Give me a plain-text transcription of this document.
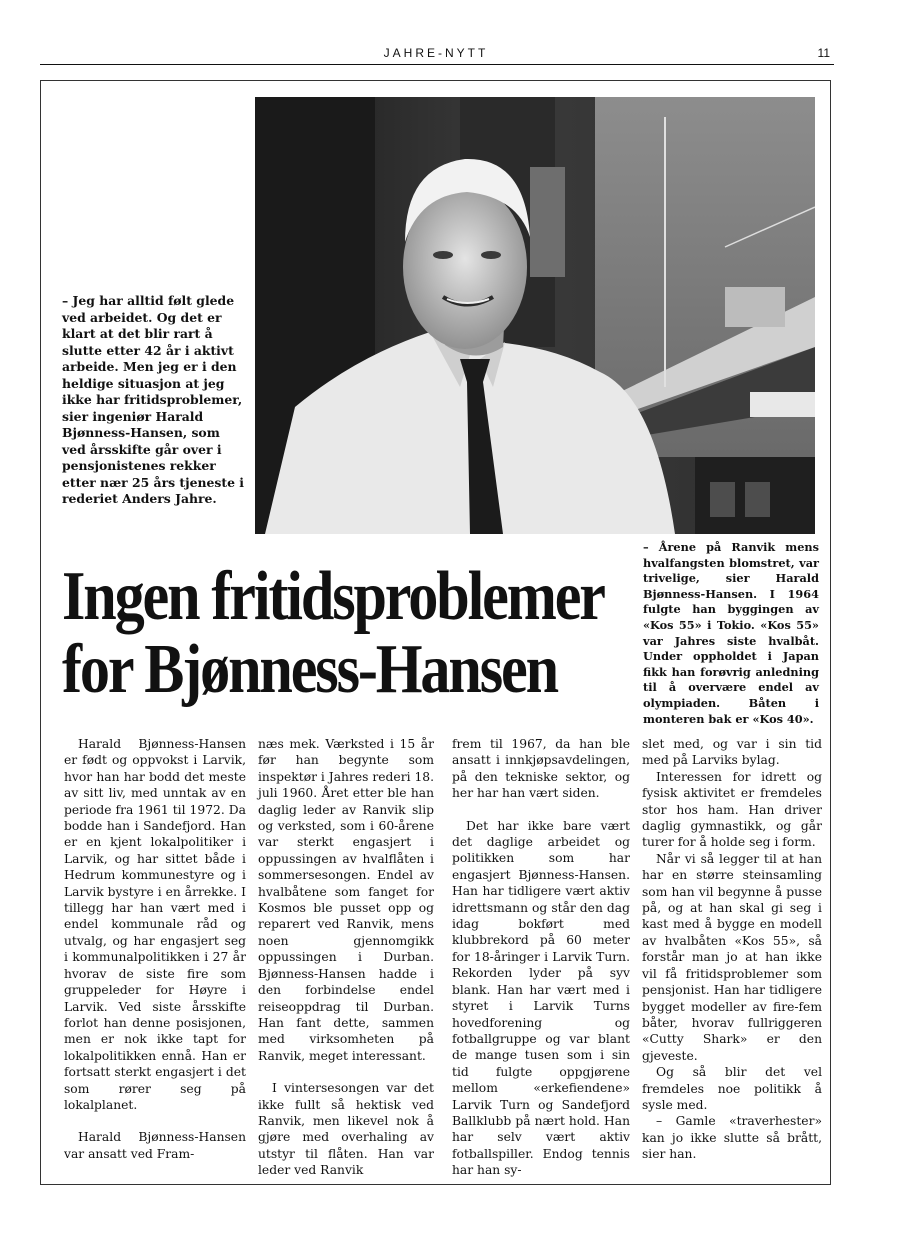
JAHRE-NYTT	11
– Jeg har alltid følt glede ved arbeidet. Og det er klart at det blir rart å slutte etter 42 år i aktivt arbeide. Men jeg er i den heldige situasjon at jeg ikke har fritidsproblemer, sier ingeniør Harald Bjønness-Hansen, som ved årsskifte går over i pensjonistenes rekker etter nær 25 års tjeneste i rederiet Anders Jahre.
– Årene på Ranvik mens hvalfangsten blomstret, var trivelige, sier Harald Bjønness-Hansen. I 1964 fulgte han byggingen av «Kos 55» i Tokio. «Kos 55» var Jahres siste hvalbåt. Under oppholdet i Japan fikk han forøvrig anledning til å overvære endel av olympiaden. Båten i monteren bak er «Kos 40».
Ingen fritidsproblemer
for Bjønness-Hansen

Harald Bjønness-Hansen er født og oppvokst i Larvik, hvor han har bodd det meste av sitt liv, med unntak av en periode fra 1961 til 1972. Da bodde han i Sandefjord. Han er en kjent lokalpolitiker i Larvik, og har sittet både i Hedrum kommunestyre og i Larvik bystyre i en årrekke. I tillegg har han vært med i endel kommunale råd og utvalg, og har engasjert seg i kommunalpolitikken i 27 år hvorav de siste fire som gruppeleder for Høyre i Larvik. Ved siste årsskifte forlot han denne posisjonen, men er nok ikke tapt for lokalpolitikken ennå. Han er fortsatt sterkt engasjert i det som rører seg på lokalplanet.

Harald Bjønness-Hansen var ansatt ved Fram-

næs mek. Værksted i 15 år før han begynte som inspektør i Jahres rederi 18. juli 1960. Året etter ble han daglig leder av Ranvik slip og verksted, som i 60-årene var sterkt engasjert i oppussingen av hvalflåten i sommersesongen. Endel av hvalbåtene som fanget for Kosmos ble pusset opp og reparert ved Ranvik, mens noen gjennomgikk oppussingen i Durban. Bjønness-Hansen hadde i den forbindelse endel reiseoppdrag til Durban. Han fant dette, sammen med virksomheten på Ranvik, meget interessant.

I vintersesongen var det ikke fullt så hektisk ved Ranvik, men likevel nok å gjøre med overhaling av utstyr til flåten. Han var leder ved Ranvik

frem til 1967, da han ble ansatt i innkjøpsavdelingen, på den tekniske sektor, og her har han vært siden.

Det har ikke bare vært det daglige arbeidet og politikken som har engasjert Bjønness-Hansen. Han har tidligere vært aktiv idrettsmann og står den dag idag bokført med klubbrekord på 60 meter for 18-åringer i Larvik Turn. Rekorden lyder på syv blank. Han har vært med i styret i Larvik Turns hovedforening og fotballgruppe og var blant de mange tusen som i sin tid fulgte oppgjørene mellom «erkefiendene» Larvik Turn og Sandefjord Ballklubb på nært hold. Han har selv vært aktiv fotballspiller. Endog tennis har han sy-

slet med, og var i sin tid med på Larviks bylag.

Interessen for idrett og fysisk aktivitet er fremdeles stor hos ham. Han driver daglig gymnastikk, og går turer for å holde seg i form.

Når vi så legger til at han har en større steinsamling som han vil begynne å pusse på, og at han skal gi seg i kast med å bygge en modell av hvalbåten «Kos 55», så forstår man jo at han ikke vil få fritidsproblemer som pensjonist. Han har tidligere bygget modeller av fire-fem båter, hvorav fullriggeren «Cutty Shark» er den gjeveste.

Og så blir det vel fremdeles noe politikk å sysle med.

– Gamle «traverhester» kan jo ikke slutte så brått, sier han.
